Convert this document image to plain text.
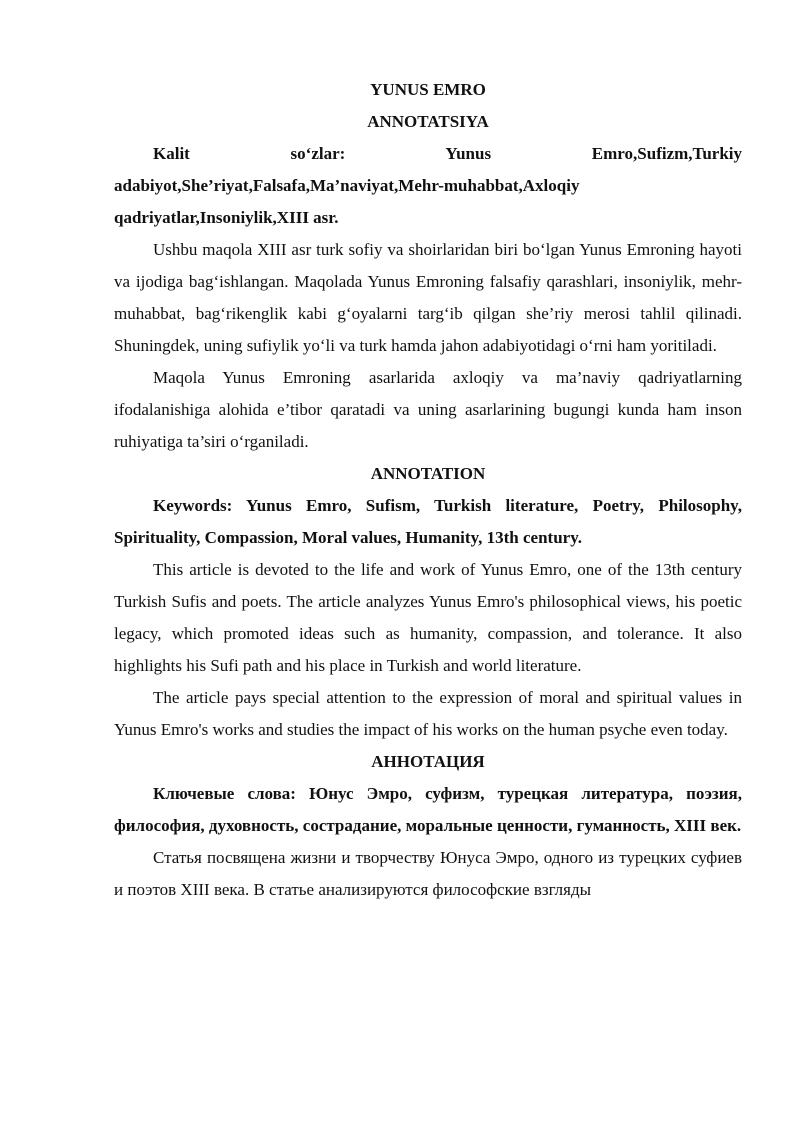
YUNUS EMRO

ANNOTATSIYA

Kalit so‘zlar: Yunus Emro,Sufizm,Turkiy adabiyot,She’riyat,Falsafa,Ma’naviyat,Mehr-muhabbat,Axloqiy qadriyatlar,Insoniylik,XIII asr.

Ushbu maqola XIII asr turk sofiy va shoirlaridan biri bo‘lgan Yunus Emroning hayoti va ijodiga bag‘ishlangan. Maqolada Yunus Emroning falsafiy qarashlari, insoniylik, mehr-muhabbat, bag‘rikenglik kabi g‘oyalarni targ‘ib qilgan she’riy merosi tahlil qilinadi. Shuningdek, uning sufiylik yo‘li va turk hamda jahon adabiyotidagi o‘rni ham yoritiladi.

Maqola Yunus Emroning asarlarida axloqiy va ma’naviy qadriyatlarning ifodalanishiga alohida e’tibor qaratadi va uning asarlarining bugungi kunda ham inson ruhiyatiga ta’siri o‘rganiladi.

ANNOTATION

Keywords: Yunus Emro, Sufism, Turkish literature, Poetry, Philosophy, Spirituality, Compassion, Moral values, Humanity, 13th century.

This article is devoted to the life and work of Yunus Emro, one of the 13th century Turkish Sufis and poets. The article analyzes Yunus Emro's philosophical views, his poetic legacy, which promoted ideas such as humanity, compassion, and tolerance. It also highlights his Sufi path and his place in Turkish and world literature.

The article pays special attention to the expression of moral and spiritual values in Yunus Emro's works and studies the impact of his works on the human psyche even today.

АННОТАЦИЯ

Ключевые слова: Юнус Эмро, суфизм, турецкая литература, поэзия, философия, духовность, сострадание, моральные ценности, гуманность, XIII век.

Статья посвящена жизни и творчеству Юнуса Эмро, одного из турецких суфиев и поэтов XIII века. В статье анализируются философские взгляды
